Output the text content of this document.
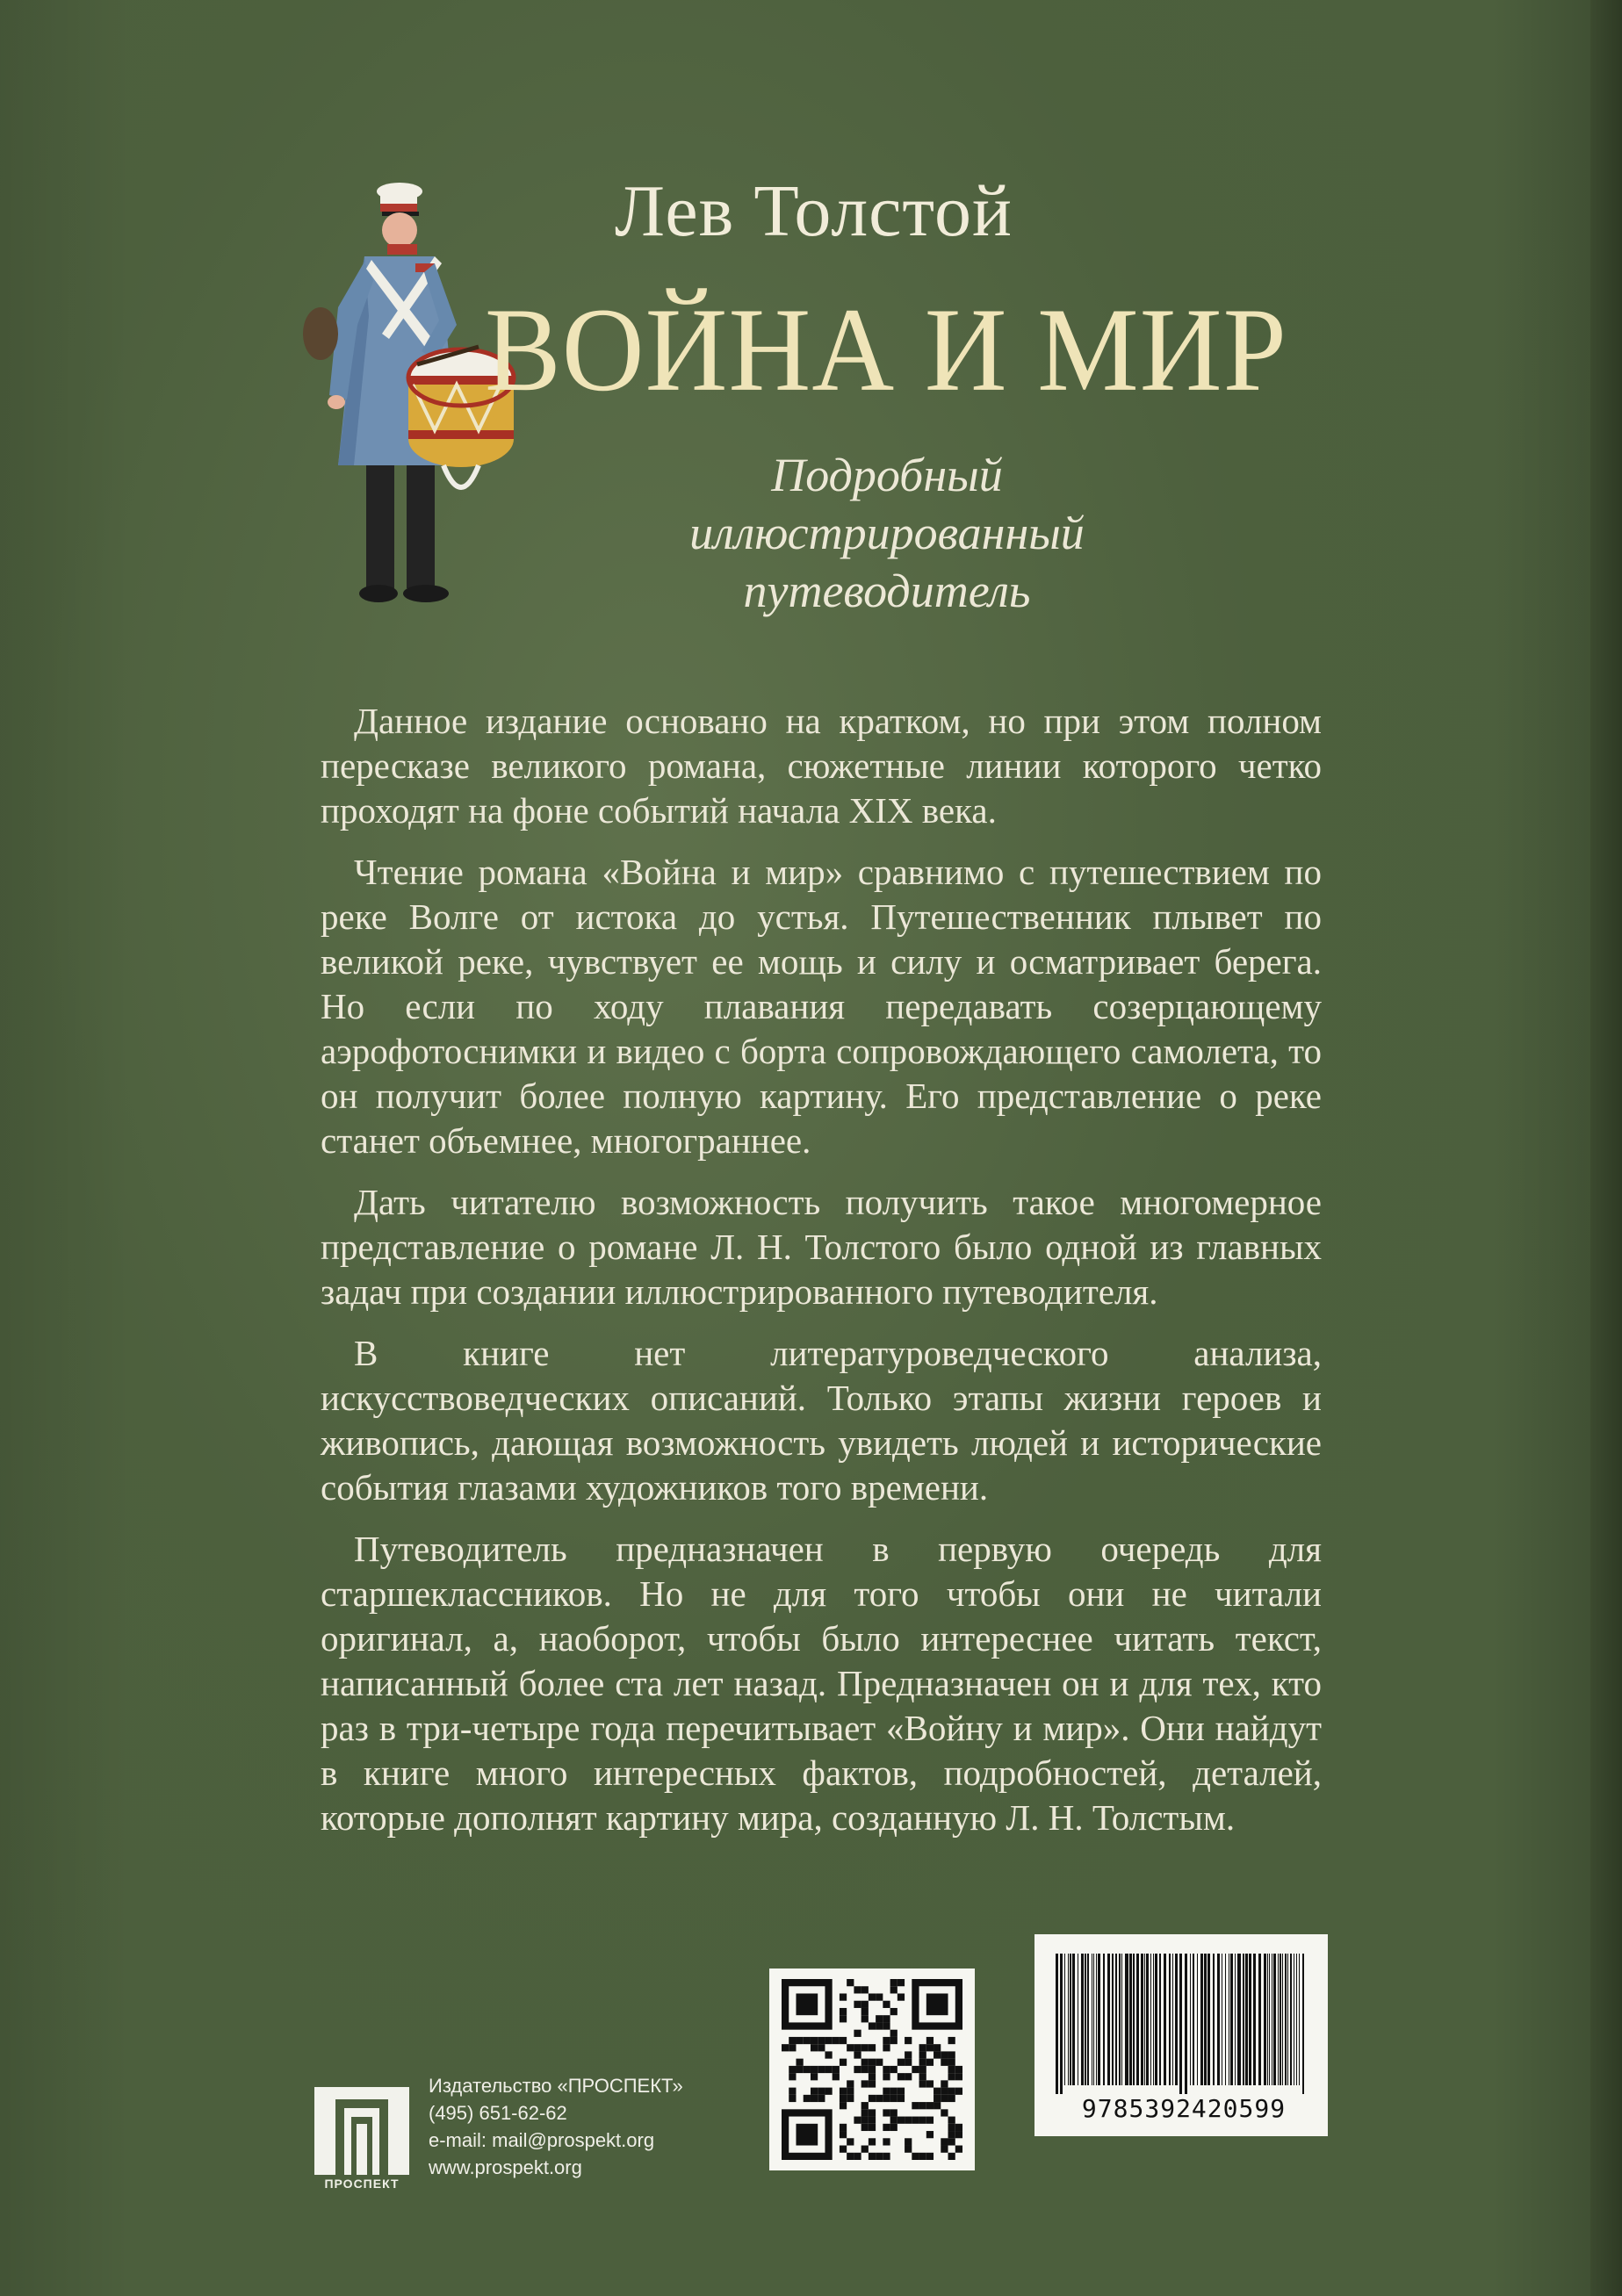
Лев Толстой
ВОЙНА И МИР
Подробный
иллюстрированный
путеводитель

Данное издание основано на кратком, но при этом полном пересказе великого романа, сюжетные линии которого четко проходят на фоне событий начала XIX века.

Чтение романа «Война и мир» сравнимо с путешествием по реке Волге от истока до устья. Путешественник плывет по великой реке, чувствует ее мощь и силу и осматривает берега. Но если по ходу плавания передавать созерцающему аэрофотоснимки и видео с борта сопровождающего самолета, то он получит более полную картину. Его представление о реке станет объемнее, многограннее.

Дать читателю возможность получить такое многомерное представление о романе Л. Н. Толстого было одной из главных задач при создании иллюстрированного путеводителя.

В книге нет литературоведческого анализа, искусствоведческих описаний. Только этапы жизни героев и живопись, дающая возможность увидеть людей и исторические события глазами художников того времени.

Путеводитель предназначен в первую очередь для старшеклассников. Но не для того чтобы они не читали оригинал, а, наоборот, чтобы было интереснее читать текст, написанный более ста лет назад. Предназначен он и для тех, кто раз в три-четыре года перечитывает «Войну и мир». Они найдут в книге много интересных фактов, подробностей, деталей, которые дополнят картину мира, созданную Л. Н. Толстым.

ПРОСПЕКТ
Издательство «ПРОСПЕКТ»
(495) 651-62-62
e-mail: mail@prospekt.org
www.prospekt.org
9785392420599
